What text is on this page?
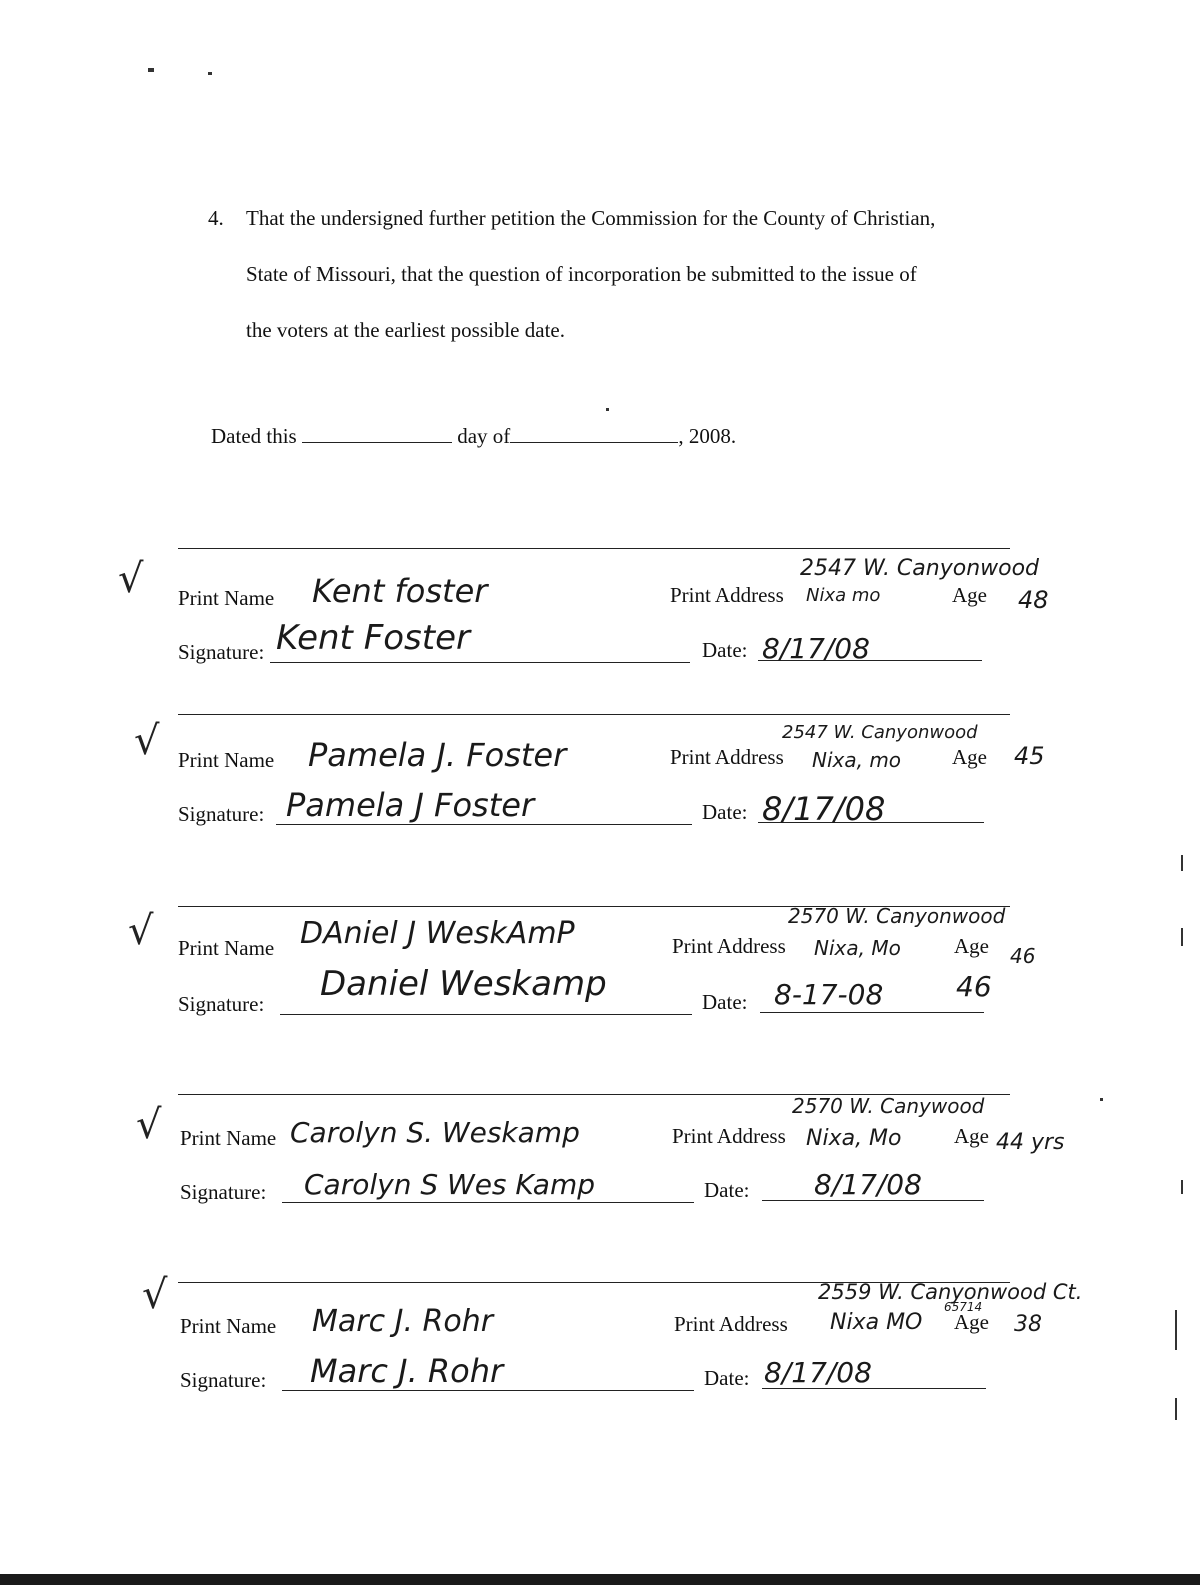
4. That the undersigned further petition the Commission for the County of Christian,
State of Missouri, that the question of incorporation be submitted to the issue of
the voters at the earliest possible date.
Dated this	day of	, 2008.
√ Print Name Kent foster	Print Address
2547 W. Canyonwood
Nixa mo	Age 48
Signature: Kent Foster	Date: 8/17/08
√ Print Name Pamela J. Foster	Print Address
2547 W. Canyonwood
Nixa, mo Age 45
Signature: Pamela J Foster	Date: 8/17/08
√ Print Name DAniel J WeskAmP	Print Address
2570 W. Canyonwood
Nixa, Mo	Age 46
Signature: Daniel Weskamp	Date: 8-17-08	46
√ Print Name Carolyn S. Weskamp	Print Address
2570 W. Canywood
Nixa, Mo	Age 44 yrs
Signature: Carolyn S Wes Kamp	Date: 8/17/08
√
Print Name Marc J. Rohr	Print Address
2559 W. Canyonwood Ct.
65714
Nixa MO Age 38
Signature: Marc J. Rohr	Date: 8/17/08
